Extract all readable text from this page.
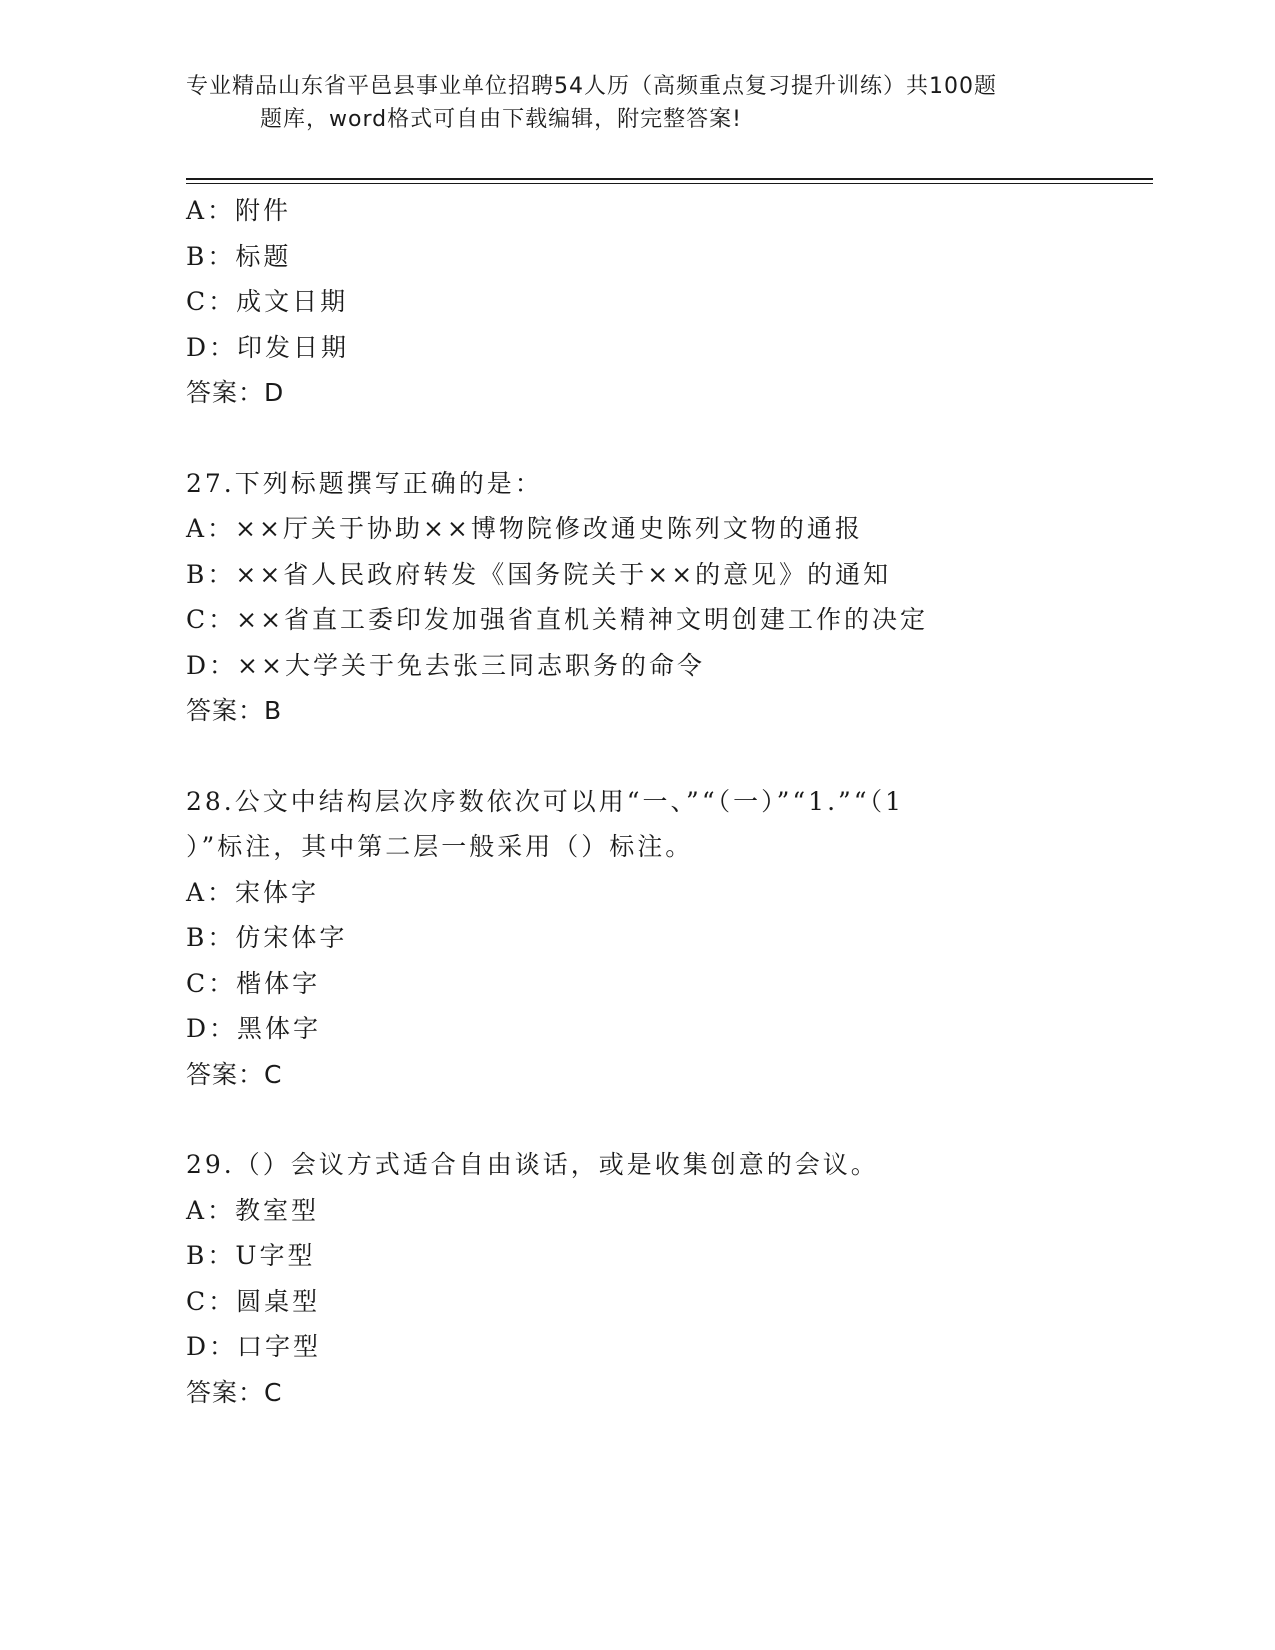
专业精品山东省平邑县事业单位招聘54人历（高频重点复习提升训练）共100题
题库，word格式可自由下载编辑，附完整答案!
A：附件
B：标题
C：成文日期
D：印发日期
答案：D
27.下列标题撰写正确的是：
A：××厅关于协助××博物院修改通史陈列文物的通报
B：××省人民政府转发《国务院关于××的意见》的通知
C：××省直工委印发加强省直机关精神文明创建工作的决定
D：××大学关于免去张三同志职务的命令
答案：B
28.公文中结构层次序数依次可以用“一、”“（一）”“1.”“（1
）”标注，其中第二层一般采用（）标注。
A：宋体字
B：仿宋体字
C：楷体字
D：黑体字
答案：C
29.（）会议方式适合自由谈话，或是收集创意的会议。
A：教室型
B：U字型
C：圆桌型
D：口字型
答案：C
